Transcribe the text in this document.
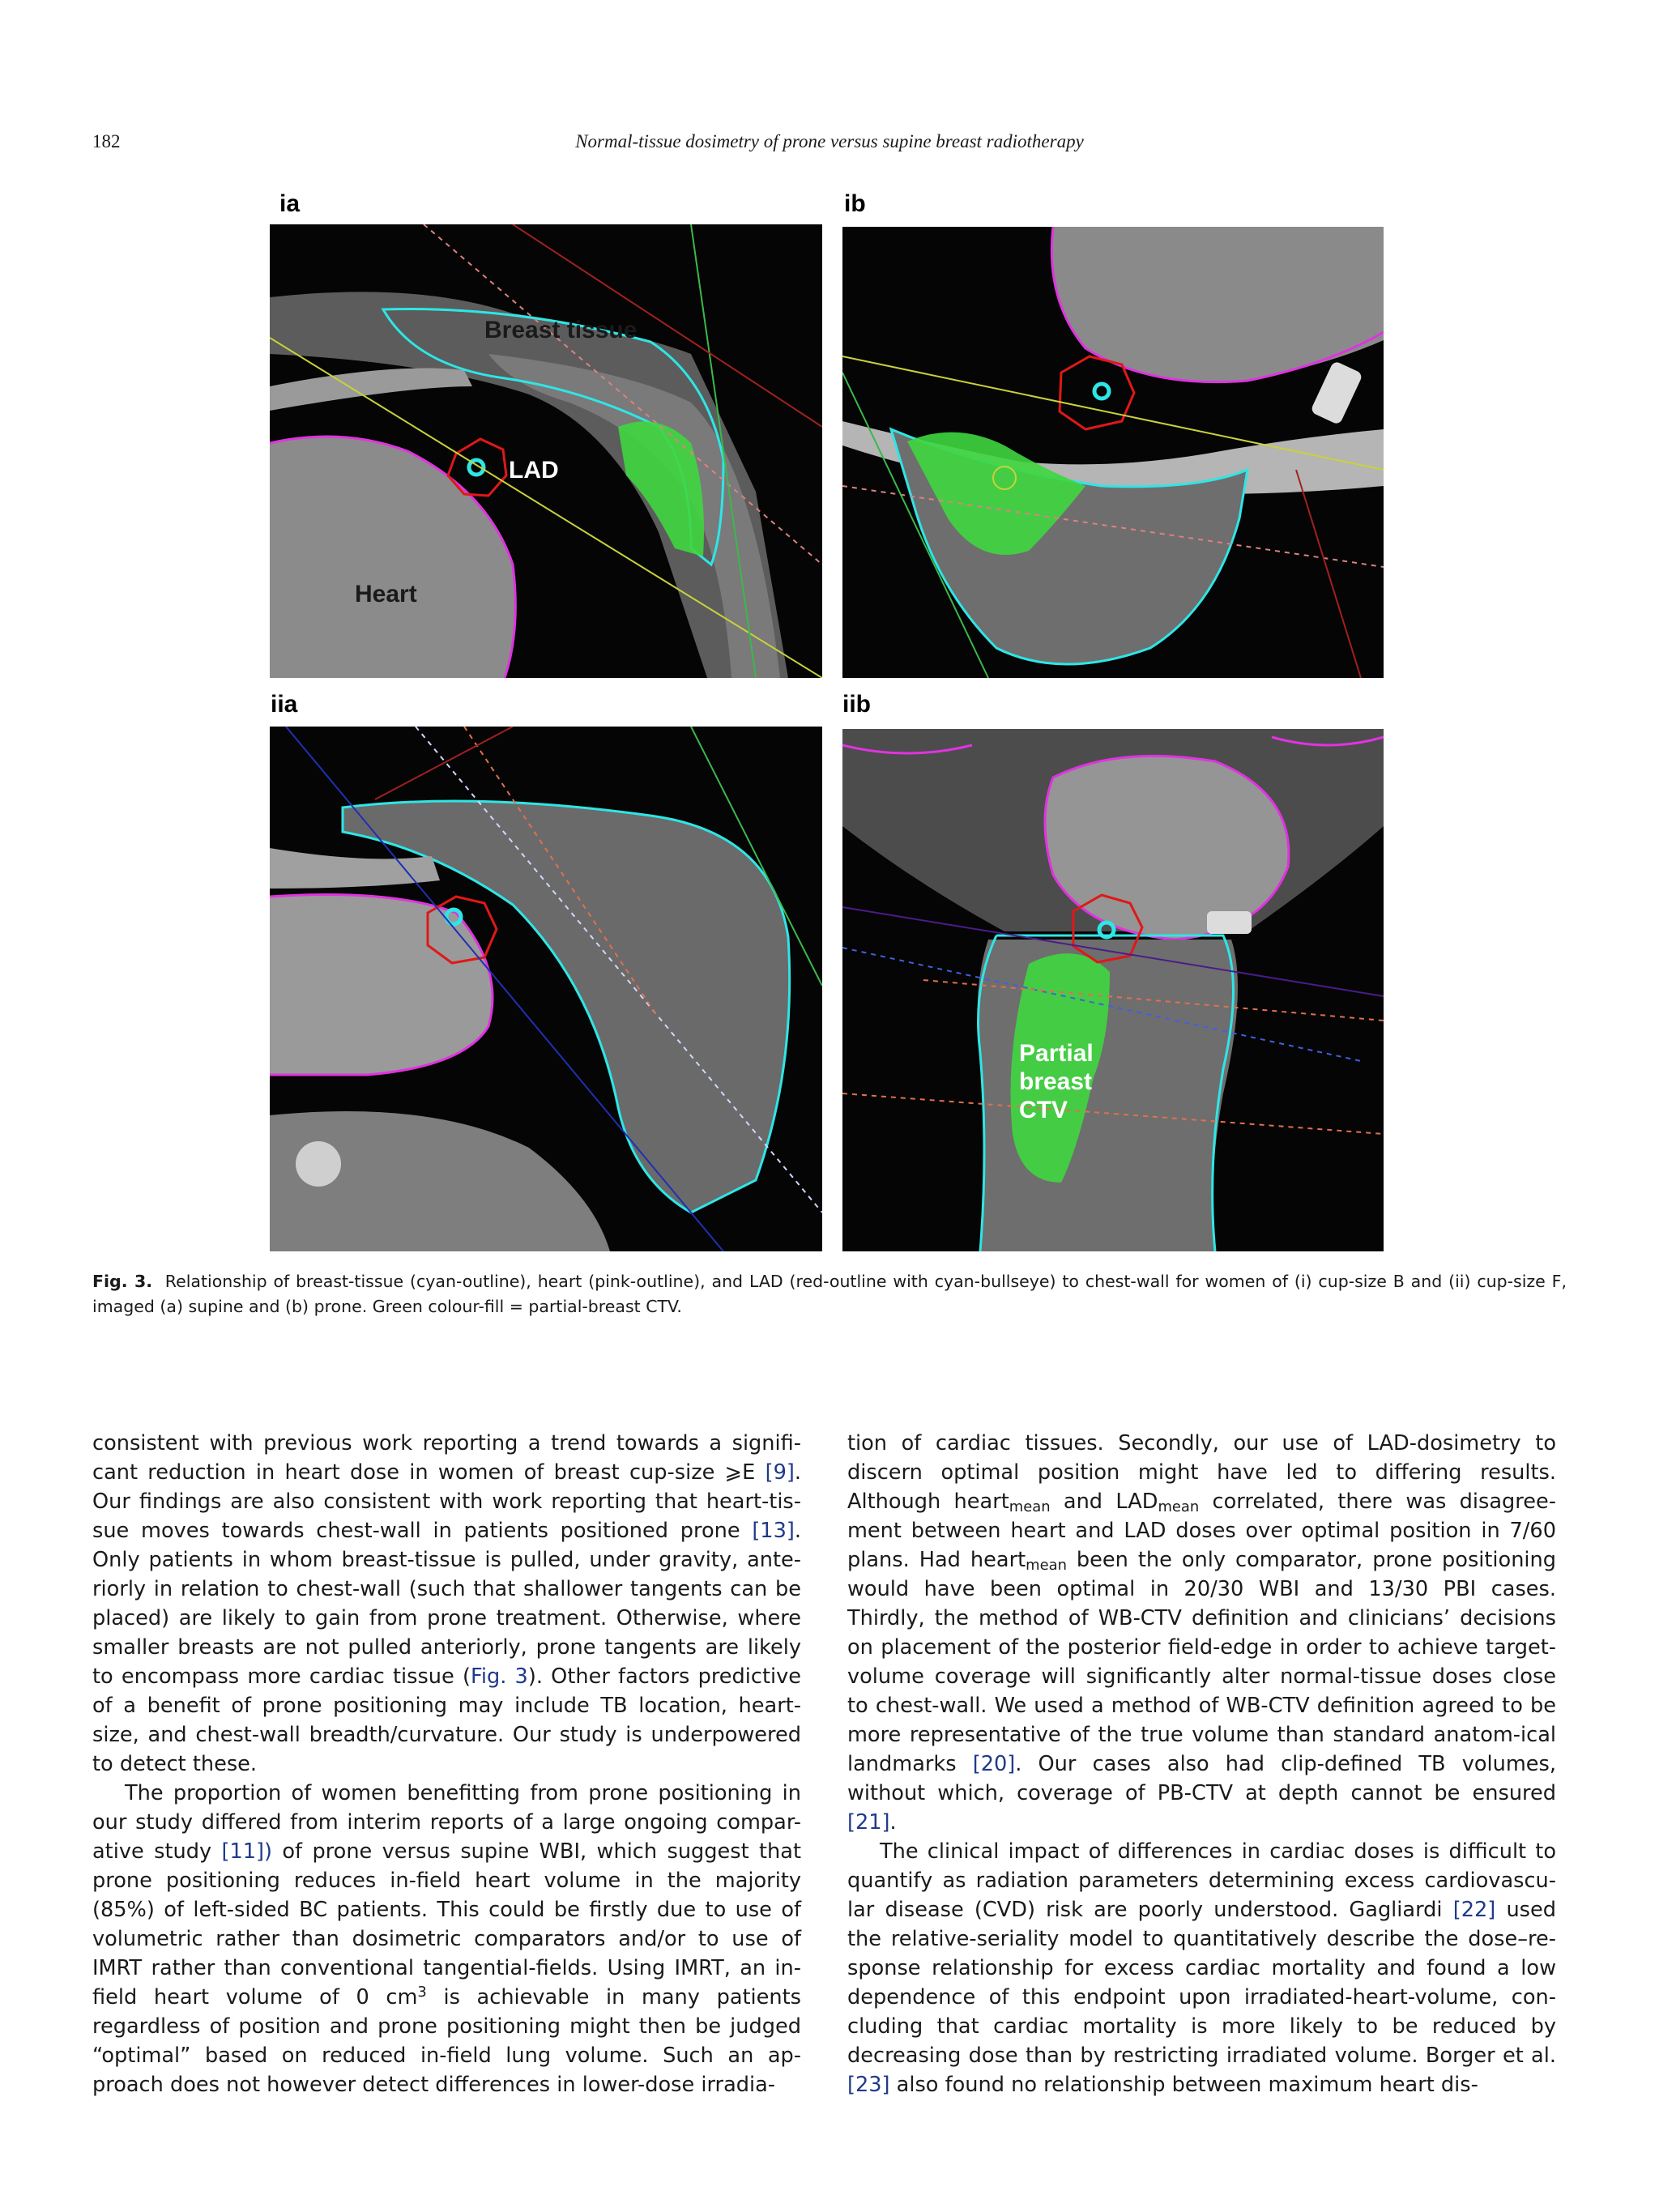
182	Normal-tissue dosimetry of prone versus supine breast radiotherapy
ia
Breast tissue
LAD
Heart
ib
iia	iib
Partial
breast
CTV
Fig. 3. Relationship of breast-tissue (cyan-outline), heart (pink-outline), and LAD (red-outline with cyan-bullseye) to chest-wall for women of (i) cup-size B and (ii) cup-size F, imaged (a) supine and (b) prone. Green colour-fill = partial-breast CTV.

consistent with previous work reporting a trend towards a signifi-cant reduction in heart dose in women of breast cup-size ⩾E [9]. Our findings are also consistent with work reporting that heart-tis-sue moves towards chest-wall in patients positioned prone [13]. Only patients in whom breast-tissue is pulled, under gravity, ante-riorly in relation to chest-wall (such that shallower tangents can be placed) are likely to gain from prone treatment. Otherwise, where smaller breasts are not pulled anteriorly, prone tangents are likely to encompass more cardiac tissue (Fig. 3). Other factors predictive of a benefit of prone positioning may include TB location, heart-size, and chest-wall breadth/curvature. Our study is underpowered to detect these.

The proportion of women benefitting from prone positioning in our study differed from interim reports of a large ongoing compar-ative study [11]) of prone versus supine WBI, which suggest that prone positioning reduces in-field heart volume in the majority (85%) of left-sided BC patients. This could be firstly due to use of volumetric rather than dosimetric comparators and/or to use of IMRT rather than conventional tangential-fields. Using IMRT, an in-field heart volume of 0 $cm^3$ is achievable in many patients regardless of position and prone positioning might then be judged “optimal” based on reduced in-field lung volume. Such an ap-proach does not however detect differences in lower-dose irradia-

tion of cardiac tissues. Secondly, our use of LAD-dosimetry to discern optimal position might have led to differing results. Although heart$_{mean}$ and $LAD_{mean}$ correlated, there was disagree-ment between heart and LAD doses over optimal position in 7/60 plans. Had heart$_{mean}$ been the only comparator, prone positioning would have been optimal in 20/30 WBI and 13/30 PBI cases. Thirdly, the method of WB-CTV definition and clinicians’ decisions on placement of the posterior field-edge in order to achieve target-volume coverage will significantly alter normal-tissue doses close to chest-wall. We used a method of WB-CTV definition agreed to be more representative of the true volume than standard anatom-ical landmarks [20]. Our cases also had clip-defined TB volumes, without which, coverage of PB-CTV at depth cannot be ensured [21].

The clinical impact of differences in cardiac doses is difficult to quantify as radiation parameters determining excess cardiovascu-lar disease (CVD) risk are poorly understood. Gagliardi [22] used the relative-seriality model to quantitatively describe the dose–re-sponse relationship for excess cardiac mortality and found a low dependence of this endpoint upon irradiated-heart-volume, con-cluding that cardiac mortality is more likely to be reduced by decreasing dose than by restricting irradiated volume. Borger et al. [23] also found no relationship between maximum heart dis-
